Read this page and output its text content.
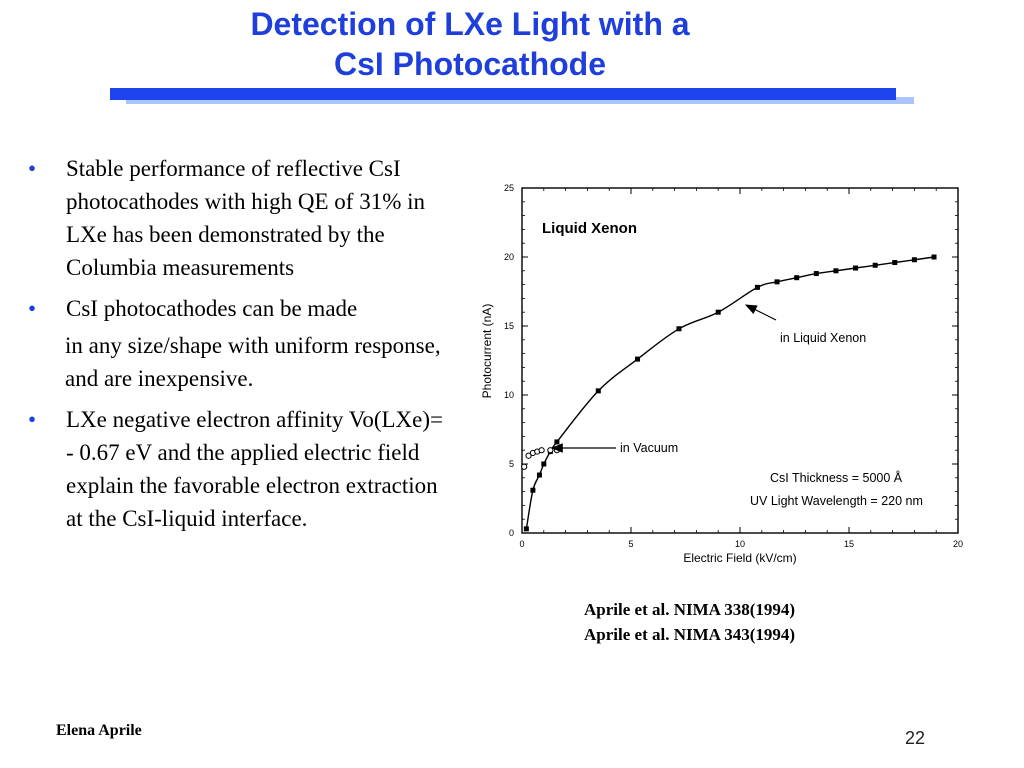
Detection of LXe Light with a
CsI Photocathode
• Stable performance of reflective CsI photocathodes with high QE of 31% in LXe has been demonstrated by the Columbia measurements
• CsI photocathodes can be made
in any size/shape with uniform response, and are inexpensive.
• LXe negative electron affinity Vo(LXe)= - 0.67 eV and the applied electric field explain the favorable electron extraction at the CsI-liquid interface.
0
5
10
15
20
25
0	5	10	15	20
Liquid Xenon
Photocurrent (nA)
Electric Field (kV/cm)
in Liquid Xenon
in Vacuum
CsI Thickness = 5000 Å
UV Light Wavelength = 220 nm
Aprile et al. NIMA 338(1994)
Aprile et al. NIMA 343(1994)
Elena Aprile	22
